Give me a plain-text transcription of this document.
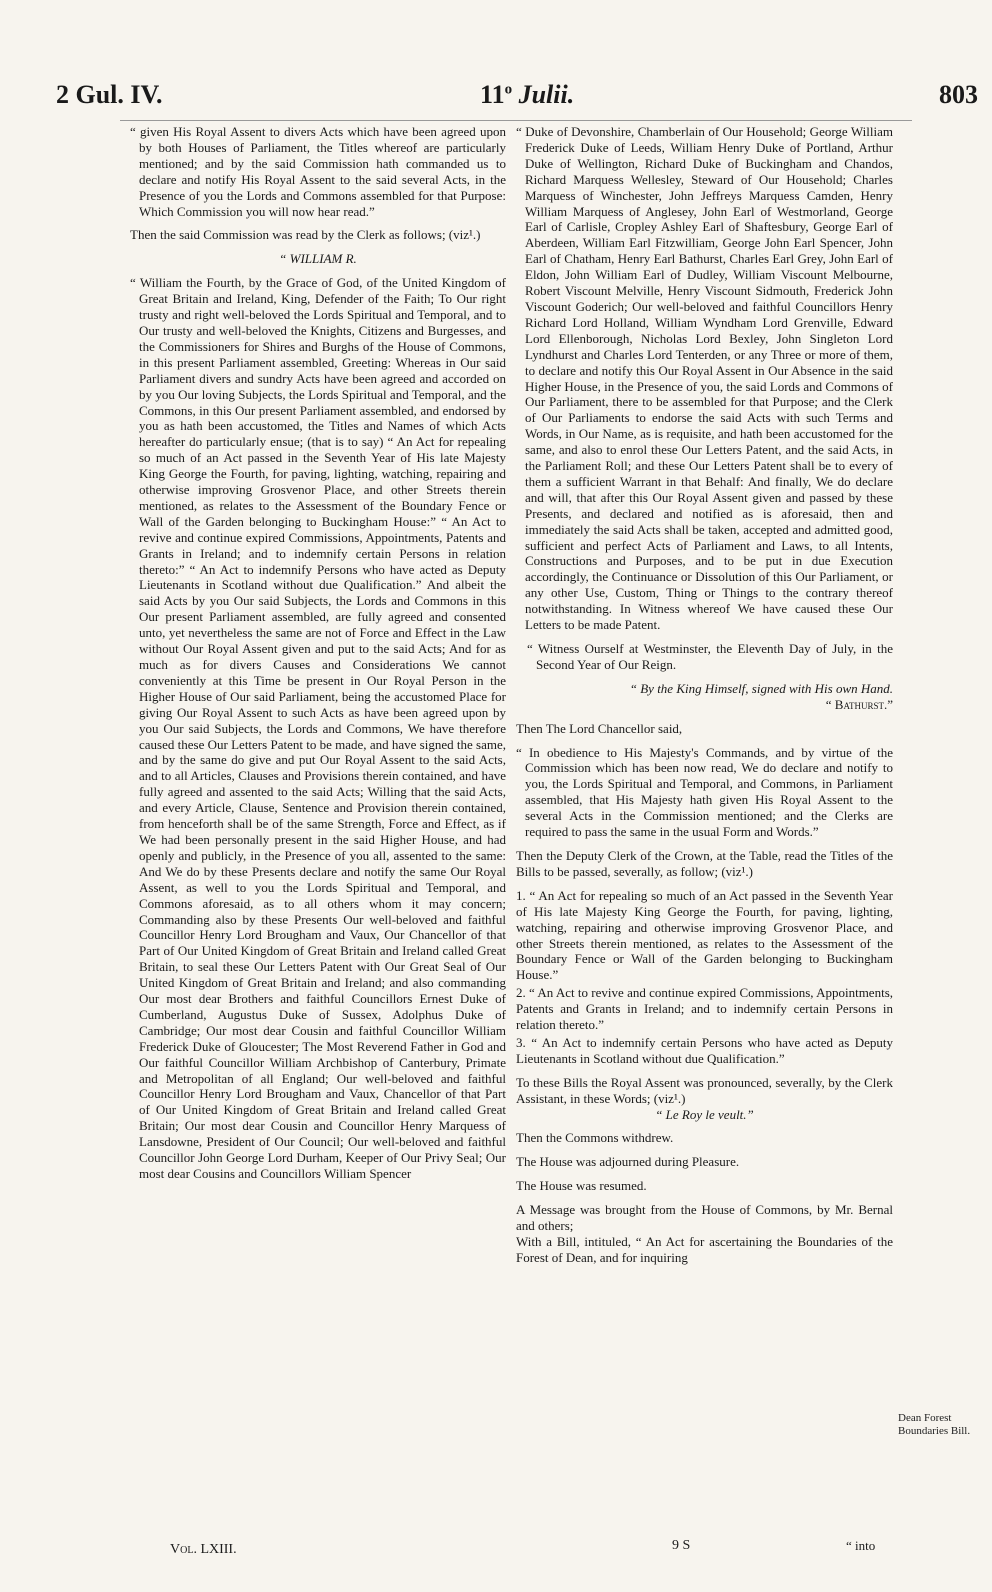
2 Gul. IV.	11$^o$ Julii.	803

“ given His Royal Assent to divers Acts which have been agreed upon by both Houses of Parliament, the Titles whereof are particularly mentioned; and by the said Commission hath commanded us to declare and notify His Royal Assent to the said several Acts, in the Presence of you the Lords and Commons assembled for that Purpose: Which Commission you will now hear read.”

Then the said Commission was read by the Clerk as follows; (viz¹.)

“ WILLIAM R.

“ William the Fourth, by the Grace of God, of the United Kingdom of Great Britain and Ireland, King, Defender of the Faith; To Our right trusty and right well-beloved the Lords Spiritual and Temporal, and to Our trusty and well-beloved the Knights, Citizens and Burgesses, and the Commissioners for Shires and Burghs of the House of Commons, in this present Parliament assembled, Greeting: Whereas in Our said Parliament divers and sundry Acts have been agreed and accorded on by you Our loving Subjects, the Lords Spiritual and Temporal, and the Commons, in this Our present Parliament assembled, and endorsed by you as hath been accustomed, the Titles and Names of which Acts hereafter do particularly ensue; (that is to say) “ An Act for repealing so much of an Act passed in the Seventh Year of His late Majesty King George the Fourth, for paving, lighting, watching, repairing and otherwise improving Grosvenor Place, and other Streets therein mentioned, as relates to the Assessment of the Boundary Fence or Wall of the Garden belonging to Buckingham House:” “ An Act to revive and continue expired Commissions, Appointments, Patents and Grants in Ireland; and to indemnify certain Persons in relation thereto:” “ An Act to indemnify Persons who have acted as Deputy Lieutenants in Scotland without due Qualification.” And albeit the said Acts by you Our said Subjects, the Lords and Commons in this Our present Parliament assembled, are fully agreed and consented unto, yet nevertheless the same are not of Force and Effect in the Law without Our Royal Assent given and put to the said Acts; And for as much as for divers Causes and Considerations We cannot conveniently at this Time be present in Our Royal Person in the Higher House of Our said Parliament, being the accustomed Place for giving Our Royal Assent to such Acts as have been agreed upon by you Our said Subjects, the Lords and Commons, We have therefore caused these Our Letters Patent to be made, and have signed the same, and by the same do give and put Our Royal Assent to the said Acts, and to all Articles, Clauses and Provisions therein contained, and have fully agreed and assented to the said Acts; Willing that the said Acts, and every Article, Clause, Sentence and Provision therein contained, from henceforth shall be of the same Strength, Force and Effect, as if We had been personally present in the said Higher House, and had openly and publicly, in the Presence of you all, assented to the same: And We do by these Presents declare and notify the same Our Royal Assent, as well to you the Lords Spiritual and Temporal, and Commons aforesaid, as to all others whom it may concern; Commanding also by these Presents Our well-beloved and faithful Councillor Henry Lord Brougham and Vaux, Our Chancellor of that Part of Our United Kingdom of Great Britain and Ireland called Great Britain, to seal these Our Letters Patent with Our Great Seal of Our United Kingdom of Great Britain and Ireland; and also commanding Our most dear Brothers and faithful Councillors Ernest Duke of Cumberland, Augustus Duke of Sussex, Adolphus Duke of Cambridge; Our most dear Cousin and faithful Councillor William Frederick Duke of Gloucester; The Most Reverend Father in God and Our faithful Councillor William Archbishop of Canterbury, Primate and Metropolitan of all England; Our well-beloved and faithful Councillor Henry Lord Brougham and Vaux, Chancellor of that Part of Our United Kingdom of Great Britain and Ireland called Great Britain; Our most dear Cousin and Councillor Henry Marquess of Lansdowne, President of Our Council; Our well-beloved and faithful Councillor John George Lord Durham, Keeper of Our Privy Seal; Our most dear Cousins and Councillors William Spencer

“ Duke of Devonshire, Chamberlain of Our Household; George William Frederick Duke of Leeds, William Henry Duke of Portland, Arthur Duke of Wellington, Richard Duke of Buckingham and Chandos, Richard Marquess Wellesley, Steward of Our Household; Charles Marquess of Winchester, John Jeffreys Marquess Camden, Henry William Marquess of Anglesey, John Earl of Westmorland, George Earl of Carlisle, Cropley Ashley Earl of Shaftesbury, George Earl of Aberdeen, William Earl Fitzwilliam, George John Earl Spencer, John Earl of Chatham, Henry Earl Bathurst, Charles Earl Grey, John Earl of Eldon, John William Earl of Dudley, William Viscount Melbourne, Robert Viscount Melville, Henry Viscount Sidmouth, Frederick John Viscount Goderich; Our well-beloved and faithful Councillors Henry Richard Lord Holland, William Wyndham Lord Grenville, Edward Lord Ellenborough, Nicholas Lord Bexley, John Singleton Lord Lyndhurst and Charles Lord Tenterden, or any Three or more of them, to declare and notify this Our Royal Assent in Our Absence in the said Higher House, in the Presence of you, the said Lords and Commons of Our Parliament, there to be assembled for that Purpose; and the Clerk of Our Parliaments to endorse the said Acts with such Terms and Words, in Our Name, as is requisite, and hath been accustomed for the same, and also to enrol these Our Letters Patent, and the said Acts, in the Parliament Roll; and these Our Letters Patent shall be to every of them a sufficient Warrant in that Behalf: And finally, We do declare and will, that after this Our Royal Assent given and passed by these Presents, and declared and notified as is aforesaid, then and immediately the said Acts shall be taken, accepted and admitted good, sufficient and perfect Acts of Parliament and Laws, to all Intents, Constructions and Purposes, and to be put in due Execution accordingly, the Continuance or Dissolution of this Our Parliament, or any other Use, Custom, Thing or Things to the contrary thereof notwithstanding. In Witness whereof We have caused these Our Letters to be made Patent.

“ Witness Ourself at Westminster, the Eleventh Day of July, in the Second Year of Our Reign.

“ By the King Himself, signed with His own Hand.

“ Bathurst.”

Then The Lord Chancellor said,

“ In obedience to His Majesty's Commands, and by virtue of the Commission which has been now read, We do declare and notify to you, the Lords Spiritual and Temporal, and Commons, in Parliament assembled, that His Majesty hath given His Royal Assent to the several Acts in the Commission mentioned; and the Clerks are required to pass the same in the usual Form and Words.”

Then the Deputy Clerk of the Crown, at the Table, read the Titles of the Bills to be passed, severally, as follow; (viz¹.)

1. “ An Act for repealing so much of an Act passed in the Seventh Year of His late Majesty King George the Fourth, for paving, lighting, watching, repairing and otherwise improving Grosvenor Place, and other Streets therein mentioned, as relates to the Assessment of the Boundary Fence or Wall of the Garden belonging to Buckingham House.”

2. “ An Act to revive and continue expired Commissions, Appointments, Patents and Grants in Ireland; and to indemnify certain Persons in relation thereto.”

3. “ An Act to indemnify certain Persons who have acted as Deputy Lieutenants in Scotland without due Qualification.”

To these Bills the Royal Assent was pronounced, severally, by the Clerk Assistant, in these Words; (viz¹.)

“ Le Roy le veult.”

Then the Commons withdrew.

The House was adjourned during Pleasure.

The House was resumed.

A Message was brought from the House of Commons, by Mr. Bernal and others;

With a Bill, intituled, “ An Act for ascertaining the Boundaries of the Forest of Dean, and for inquiring

Dean Forest Boundaries Bill.
Vol. LXIII.	9 S	“ into
